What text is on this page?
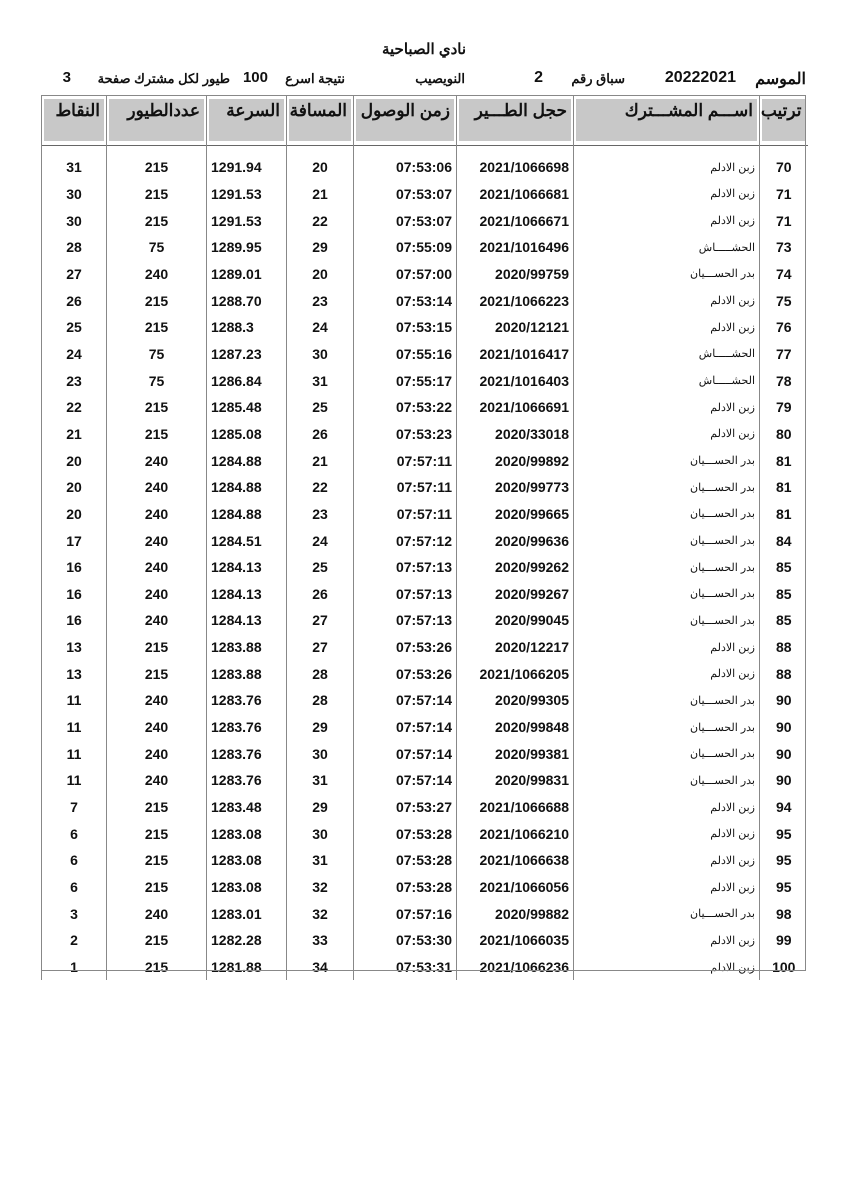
نادي الصباحية
الموسم
20222021
سباق رقم
2
النويصيب
نتيجة اسرع
100
طيور لكل مشترك صفحة
3
ترتيب	اســـم المشـــترك	حجل الطـــير	زمن الوصول	المسافة	السرعة	عددالطيور	النقاط

70	زبن الادلم	2021/1066698	07:53:06	20	1291.94	215	31
71	زبن الادلم	2021/1066681	07:53:07	21	1291.53	215	30
71	زبن الادلم	2021/1066671	07:53:07	22	1291.53	215	30
73	الحشـــــاش	2021/1016496	07:55:09	29	1289.95	75	28
74	بدر الحســـيان	2020/99759	07:57:00	20	1289.01	240	27
75	زبن الادلم	2021/1066223	07:53:14	23	1288.70	215	26
76	زبن الادلم	2020/12121	07:53:15	24	1288.3	215	25
77	الحشـــــاش	2021/1016417	07:55:16	30	1287.23	75	24
78	الحشـــــاش	2021/1016403	07:55:17	31	1286.84	75	23
79	زبن الادلم	2021/1066691	07:53:22	25	1285.48	215	22
80	زبن الادلم	2020/33018	07:53:23	26	1285.08	215	21
81	بدر الحســـيان	2020/99892	07:57:11	21	1284.88	240	20
81	بدر الحســـيان	2020/99773	07:57:11	22	1284.88	240	20
81	بدر الحســـيان	2020/99665	07:57:11	23	1284.88	240	20
84	بدر الحســـيان	2020/99636	07:57:12	24	1284.51	240	17
85	بدر الحســـيان	2020/99262	07:57:13	25	1284.13	240	16
85	بدر الحســـيان	2020/99267	07:57:13	26	1284.13	240	16
85	بدر الحســـيان	2020/99045	07:57:13	27	1284.13	240	16
88	زبن الادلم	2020/12217	07:53:26	27	1283.88	215	13
88	زبن الادلم	2021/1066205	07:53:26	28	1283.88	215	13
90	بدر الحســـيان	2020/99305	07:57:14	28	1283.76	240	11
90	بدر الحســـيان	2020/99848	07:57:14	29	1283.76	240	11
90	بدر الحســـيان	2020/99381	07:57:14	30	1283.76	240	11
90	بدر الحســـيان	2020/99831	07:57:14	31	1283.76	240	11
94	زبن الادلم	2021/1066688	07:53:27	29	1283.48	215	7
95	زبن الادلم	2021/1066210	07:53:28	30	1283.08	215	6
95	زبن الادلم	2021/1066638	07:53:28	31	1283.08	215	6
95	زبن الادلم	2021/1066056	07:53:28	32	1283.08	215	6
98	بدر الحســـيان	2020/99882	07:57:16	32	1283.01	240	3
99	زبن الادلم	2021/1066035	07:53:30	33	1282.28	215	2
100	زبن الادلم	2021/1066236	07:53:31	34	1281.88	215	1
